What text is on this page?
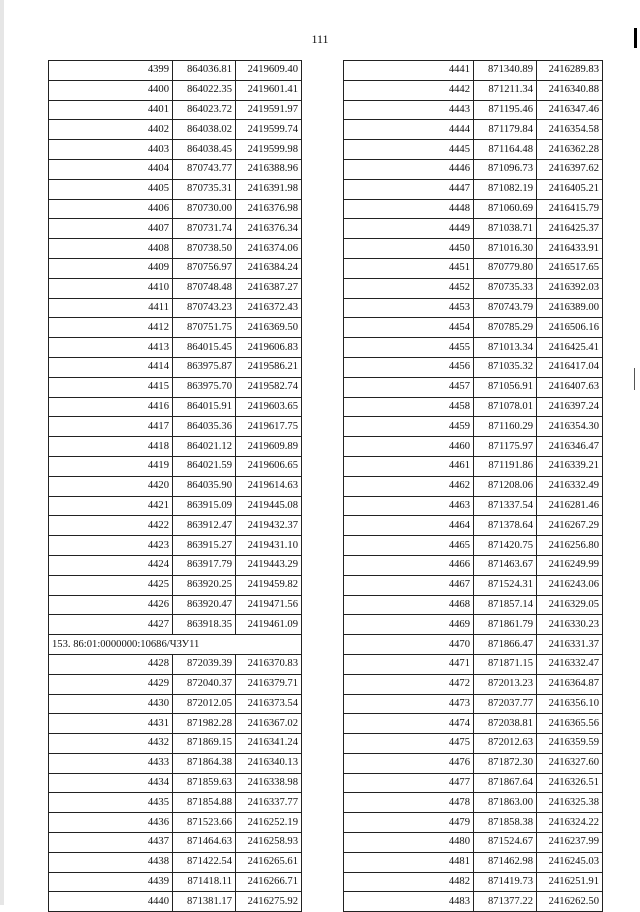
111
4399	864036.81	2419609.40
4400	864022.35	2419601.41
4401	864023.72	2419591.97
4402	864038.02	2419599.74
4403	864038.45	2419599.98
4404	870743.77	2416388.96
4405	870735.31	2416391.98
4406	870730.00	2416376.98
4407	870731.74	2416376.34
4408	870738.50	2416374.06
4409	870756.97	2416384.24
4410	870748.48	2416387.27
4411	870743.23	2416372.43
4412	870751.75	2416369.50
4413	864015.45	2419606.83
4414	863975.87	2419586.21
4415	863975.70	2419582.74
4416	864015.91	2419603.65
4417	864035.36	2419617.75
4418	864021.12	2419609.89
4419	864021.59	2419606.65
4420	864035.90	2419614.63
4421	863915.09	2419445.08
4422	863912.47	2419432.37
4423	863915.27	2419431.10
4424	863917.79	2419443.29
4425	863920.25	2419459.82
4426	863920.47	2419471.56
4427	863918.35	2419461.09
153. 86:01:0000000:10686/ЧЗУ11		
4428	872039.39	2416370.83
4429	872040.37	2416379.71
4430	872012.05	2416373.54
4431	871982.28	2416367.02
4432	871869.15	2416341.24
4433	871864.38	2416340.13
4434	871859.63	2416338.98
4435	871854.88	2416337.77
4436	871523.66	2416252.19
4437	871464.63	2416258.93
4438	871422.54	2416265.61
4439	871418.11	2416266.71
4440	871381.17	2416275.92
4441	871340.89	2416289.83
4442	871211.34	2416340.88
4443	871195.46	2416347.46
4444	871179.84	2416354.58
4445	871164.48	2416362.28
4446	871096.73	2416397.62
4447	871082.19	2416405.21
4448	871060.69	2416415.79
4449	871038.71	2416425.37
4450	871016.30	2416433.91
4451	870779.80	2416517.65
4452	870735.33	2416392.03
4453	870743.79	2416389.00
4454	870785.29	2416506.16
4455	871013.34	2416425.41
4456	871035.32	2416417.04
4457	871056.91	2416407.63
4458	871078.01	2416397.24
4459	871160.29	2416354.30
4460	871175.97	2416346.47
4461	871191.86	2416339.21
4462	871208.06	2416332.49
4463	871337.54	2416281.46
4464	871378.64	2416267.29
4465	871420.75	2416256.80
4466	871463.67	2416249.99
4467	871524.31	2416243.06
4468	871857.14	2416329.05
4469	871861.79	2416330.23
4470	871866.47	2416331.37
4471	871871.15	2416332.47
4472	872013.23	2416364.87
4473	872037.77	2416356.10
4474	872038.81	2416365.56
4475	872012.63	2416359.59
4476	871872.30	2416327.60
4477	871867.64	2416326.51
4478	871863.00	2416325.38
4479	871858.38	2416324.22
4480	871524.67	2416237.99
4481	871462.98	2416245.03
4482	871419.73	2416251.91
4483	871377.22	2416262.50
